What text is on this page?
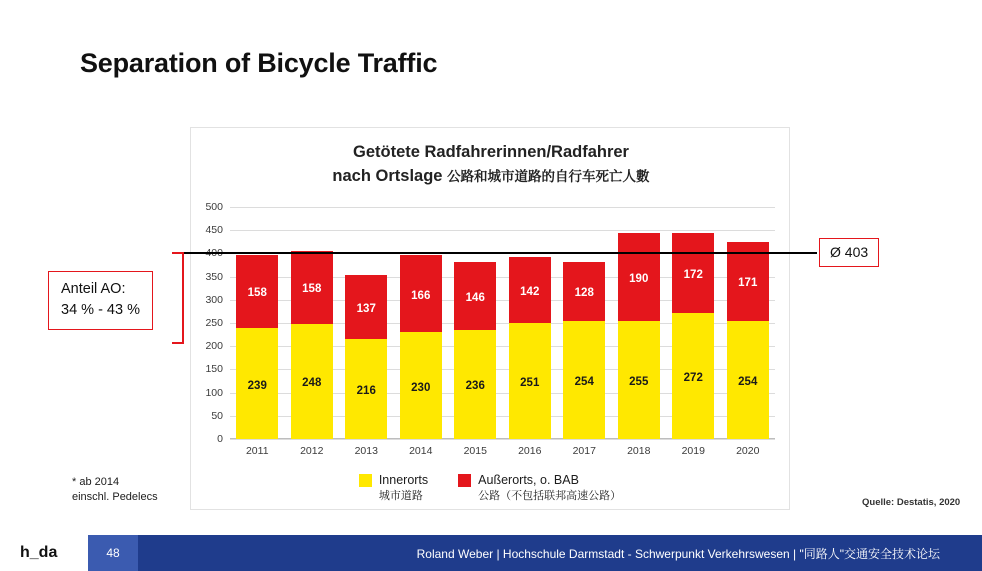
Separation of Bicycle Traffic
Getötete Radfahrerinnen/Radfahrer
nach Ortslage 公路和城市道路的自行车死亡人數
0
50
100
150
200
250
300
350
450
500
239
158
2011
248
158
2012
216
137
2013
230
166
2014
236
146
2015
251
142
2016
254
128
2017
255
190
2018
272
172
2019
254
171
2020
Anteil AO:
34 % - 43 %
Innerorts
城市道路
Außerorts, o. BAB
公路（不包括联邦高速公路）
* ab 2014
einschl. Pedelecs	Quelle: Destatis, 2020
h_da	48	Roland Weber | Hochschule Darmstadt - Schwerpunkt Verkehrswesen | "同路人"交通安全技术论坛
Ø 403
